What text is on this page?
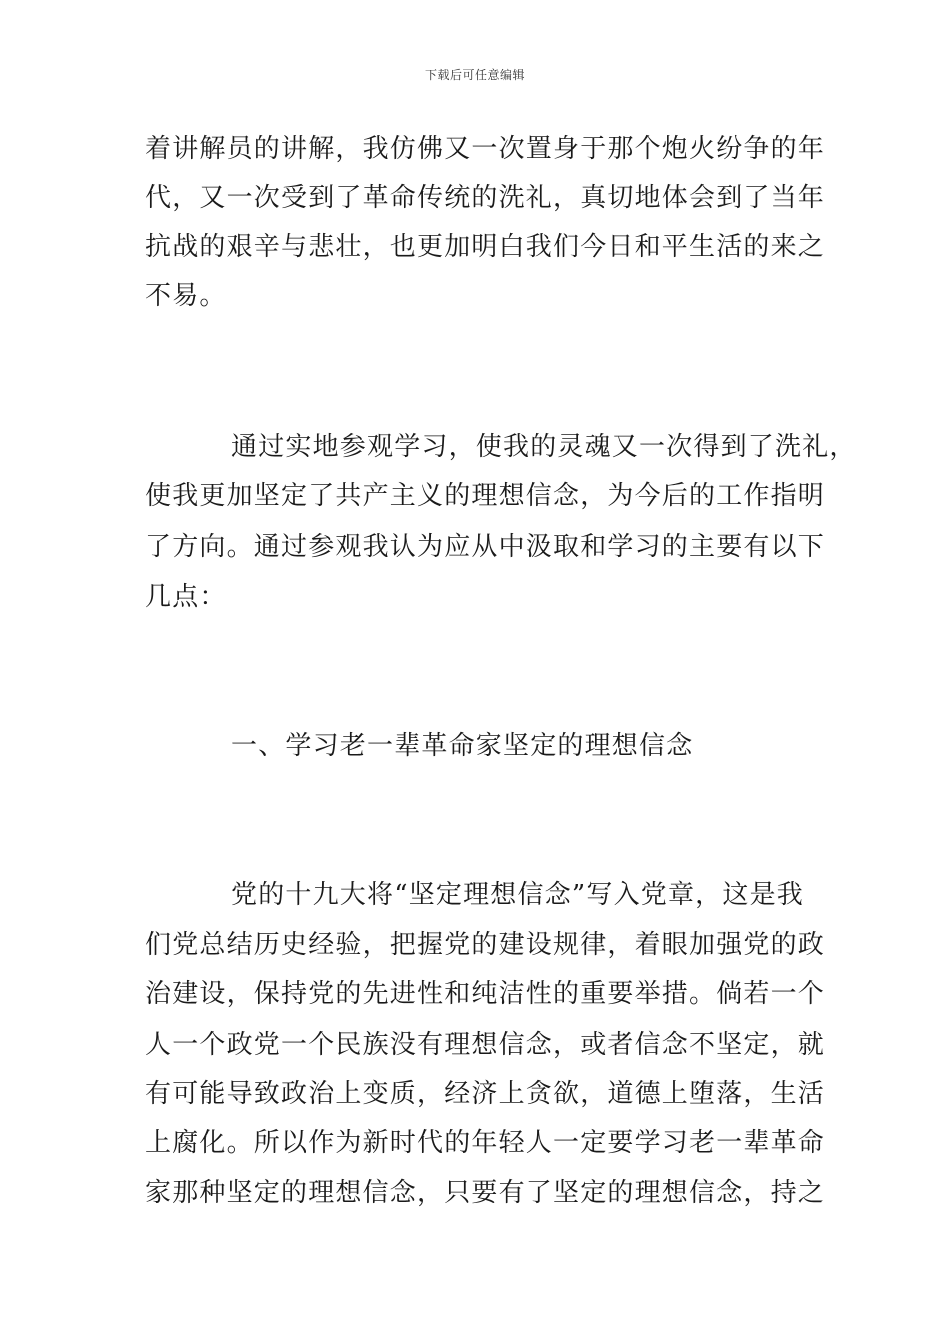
下载后可任意编辑
着讲解员的讲解，我仿佛又一次置身于那个炮火纷争的年
代，又一次受到了革命传统的洗礼，真切地体会到了当年
抗战的艰辛与悲壮，也更加明白我们今日和平生活的来之
不易。
通过实地参观学习，使我的灵魂又一次得到了洗礼，
使我更加坚定了共产主义的理想信念，为今后的工作指明
了方向。通过参观我认为应从中汲取和学习的主要有以下
几点：
一、学习老一辈革命家坚定的理想信念
党的十九大将“坚定理想信念”写入党章，这是我
们党总结历史经验，把握党的建设规律，着眼加强党的政
治建设，保持党的先进性和纯洁性的重要举措。倘若一个
人一个政党一个民族没有理想信念，或者信念不坚定，就
有可能导致政治上变质，经济上贪欲，道德上堕落，生活
上腐化。所以作为新时代的年轻人一定要学习老一辈革命
家那种坚定的理想信念，只要有了坚定的理想信念，持之
